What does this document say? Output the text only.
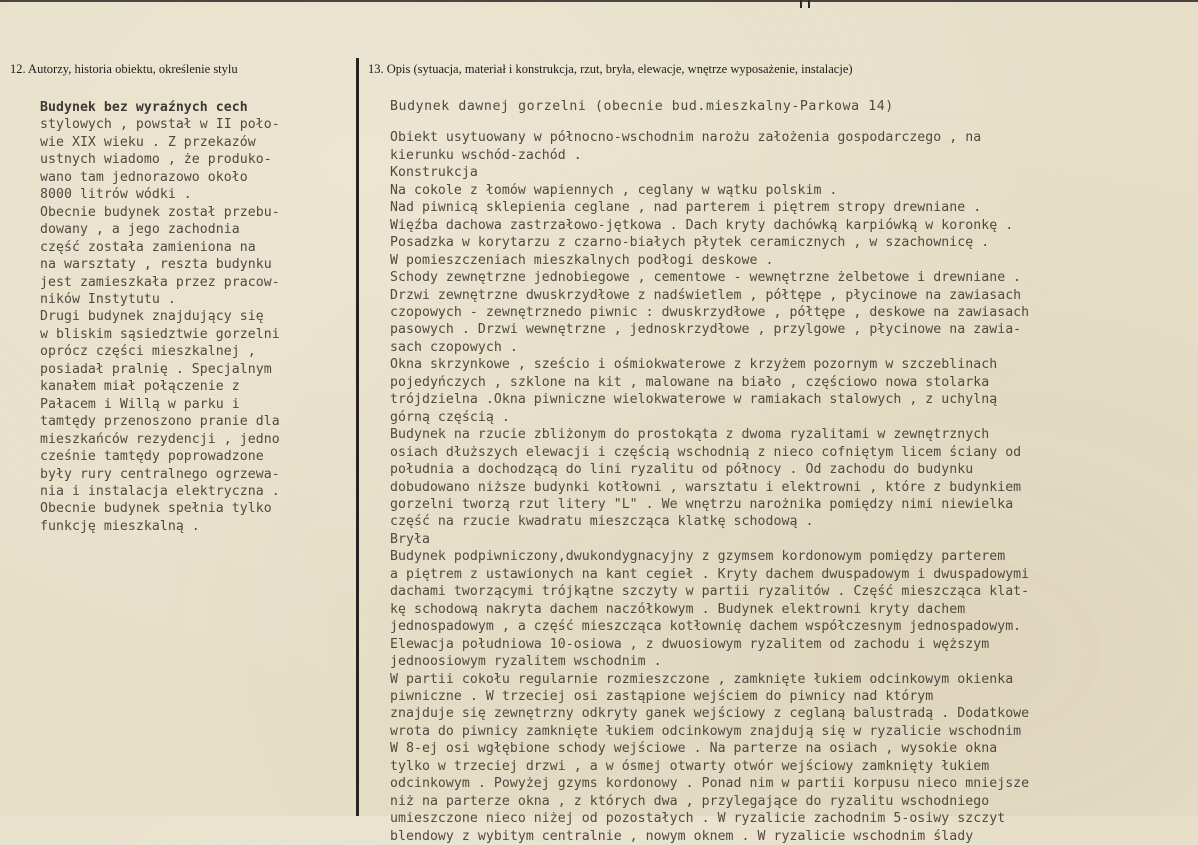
12. Autorzy, historia obiektu, określenie stylu	13. Opis (sytuacja, materiał i konstrukcja, rzut, bryła, elewacje, wnętrze wyposażenie, instalacje)
Budynek bez wyraźnych cech
stylowych , powstał w II poło-
wie XIX wieku . Z przekazów
ustnych wiadomo , że produko-
wano tam jednorazowo około
8000 litrów wódki .
Obecnie budynek został przebu-
dowany , a jego zachodnia
część została zamieniona na
na warsztaty , reszta budynku
jest zamieszkała przez pracow-
ników Instytutu .
Drugi budynek znajdujący się
w bliskim sąsiedztwie gorzelni
oprócz części mieszkalnej ,
posiadał pralnię . Specjalnym
kanałem miał połączenie z
Pałacem i Willą w parku i
tamtędy przenoszono pranie dla
mieszkańców rezydencji , jedno
cześnie tamtędy poprowadzone
były rury centralnego ogrzewa-
nia i instalacja elektryczna .
Obecnie budynek spełnia tylko
funkcję mieszkalną .
Budynek dawnej gorzelni (obecnie bud.mieszkalny-Parkowa 14)
Obiekt usytuowany w północno-wschodnim narożu założenia gospodarczego , na
kierunku wschód-zachód .
Konstrukcja
Na cokole z łomów wapiennych , ceglany w wątku polskim .
Nad piwnicą sklepienia ceglane , nad parterem i piętrem stropy drewniane .
Więźba dachowa zastrzałowo-jętkowa . Dach kryty dachówką karpiówką w koronkę .
Posadzka w korytarzu z czarno-białych płytek ceramicznych , w szachownicę .
W pomieszczeniach mieszkalnych podłogi deskowe .
Schody zewnętrzne jednobiegowe , cementowe - wewnętrzne żelbetowe i drewniane .
Drzwi zewnętrzne dwuskrzydłowe z nadświetlem , półtępe , płycinowe na zawiasach
czopowych - zewnętrznedo piwnic : dwuskrzydłowe , półtępe , deskowe na zawiasach
pasowych . Drzwi wewnętrzne , jednoskrzydłowe , przylgowe , płycinowe na zawia-
sach czopowych .
Okna skrzynkowe , sześcio i ośmiokwaterowe z krzyżem pozornym w szczeblinach
pojedyńczych , szklone na kit , malowane na biało , częściowo nowa stolarka
trójdzielna .Okna piwniczne wielokwaterowe w ramiakach stalowych , z uchylną
górną częścią .
Budynek na rzucie zbliżonym do prostokąta z dwoma ryzalitami w zewnętrznych
osiach dłuższych elewacji i częścią wschodnią z nieco cofniętym licem ściany od
południa a dochodzącą do lini ryzalitu od północy . Od zachodu do budynku
dobudowano niższe budynki kotłowni , warsztatu i elektrowni , które z budynkiem
gorzelni tworzą rzut litery "L" . We wnętrzu narożnika pomiędzy nimi niewielka
część na rzucie kwadratu mieszcząca klatkę schodową .
Bryła
Budynek podpiwniczony,dwukondygnacyjny z gzymsem kordonowym pomiędzy parterem
a piętrem z ustawionych na kant cegieł . Kryty dachem dwuspadowym i dwuspadowymi
dachami tworzącymi trójkątne szczyty w partii ryzalitów . Część mieszcząca klat-
kę schodową nakryta dachem naczółkowym . Budynek elektrowni kryty dachem
jednospadowym , a część mieszcząca kotłownię dachem współczesnym jednospadowym.
Elewacja południowa 10-osiowa , z dwuosiowym ryzalitem od zachodu i węższym
jednoosiowym ryzalitem wschodnim .
W partii cokołu regularnie rozmieszczone , zamknięte łukiem odcinkowym okienka
piwniczne . W trzeciej osi zastąpione wejściem do piwnicy nad którym
znajduje się zewnętrzny odkryty ganek wejściowy z ceglaną balustradą . Dodatkowe
wrota do piwnicy zamknięte łukiem odcinkowym znajdują się w ryzalicie wschodnim
W 8-ej osi wgłębione schody wejściowe . Na parterze na osiach , wysokie okna
tylko w trzeciej drzwi , a w ósmej otwarty otwór wejściowy zamknięty łukiem
odcinkowym . Powyżej gzyms kordonowy . Ponad nim w partii korpusu nieco mniejsze
niż na parterze okna , z których dwa , przylegające do ryzalitu wschodniego
umieszczone nieco niżej od pozostałych . W ryzalicie zachodnim 5-osiwy szczyt
blendowy z wybitym centralnie , nowym oknem . W ryzalicie wschodnim ślady
